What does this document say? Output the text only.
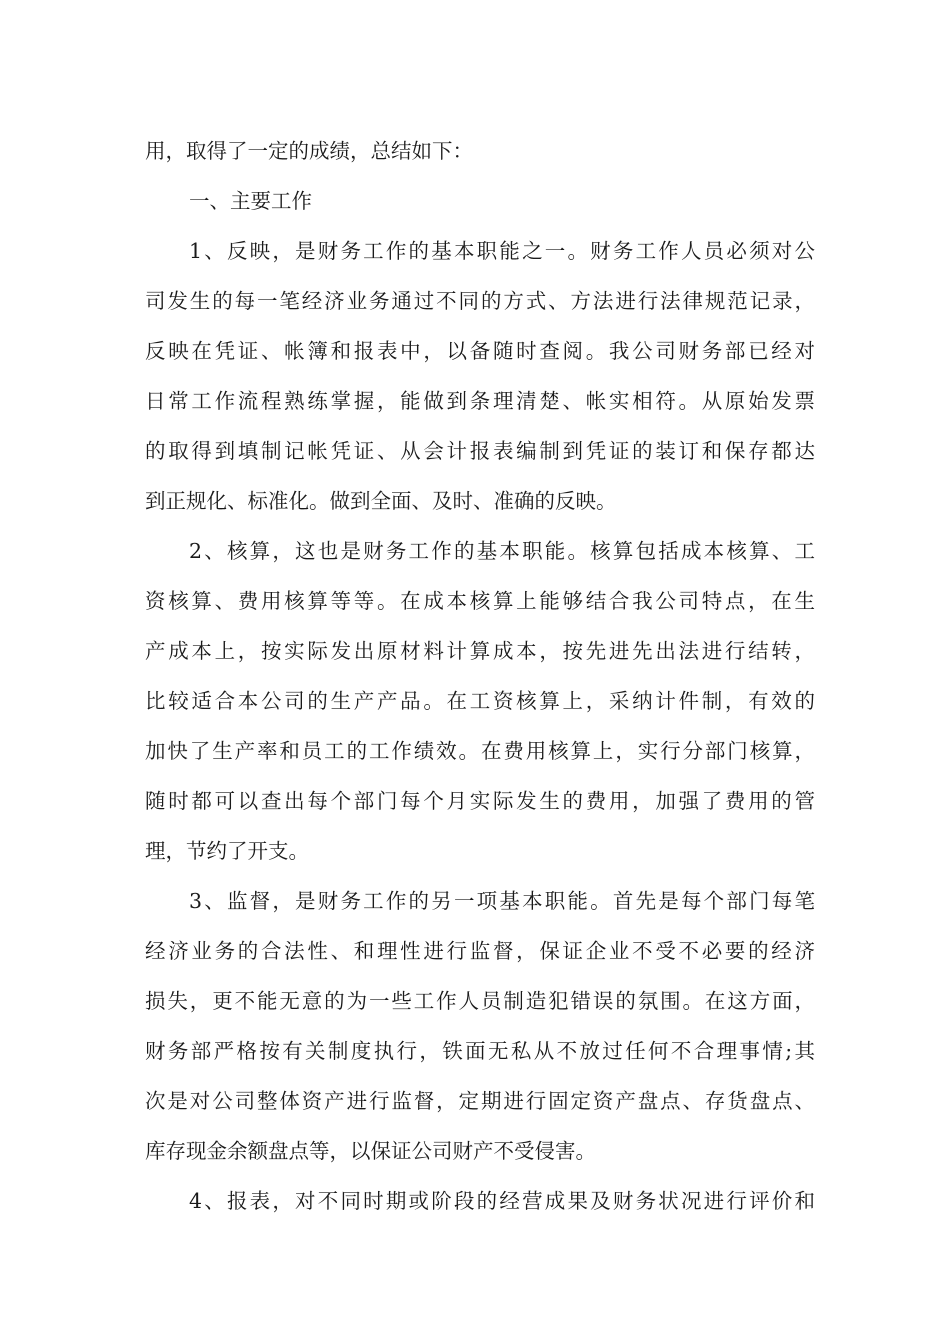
用，取得了一定的成绩，总结如下：
一、主要工作
1、反映，是财务工作的基本职能之一。财务工作人员必须对公
司发生的每一笔经济业务通过不同的方式、方法进行法律规范记录，
反映在凭证、帐簿和报表中，以备随时查阅。我公司财务部已经对
日常工作流程熟练掌握，能做到条理清楚、帐实相符。从原始发票
的取得到填制记帐凭证、从会计报表编制到凭证的装订和保存都达
到正规化、标准化。做到全面、及时、准确的反映。
2、核算，这也是财务工作的基本职能。核算包括成本核算、工
资核算、费用核算等等。在成本核算上能够结合我公司特点，在生
产成本上，按实际发出原材料计算成本，按先进先出法进行结转，
比较适合本公司的生产产品。在工资核算上，采纳计件制，有效的
加快了生产率和员工的工作绩效。在费用核算上，实行分部门核算，
随时都可以查出每个部门每个月实际发生的费用，加强了费用的管
理，节约了开支。
3、监督，是财务工作的另一项基本职能。首先是每个部门每笔
经济业务的合法性、和理性进行监督，保证企业不受不必要的经济
损失，更不能无意的为一些工作人员制造犯错误的氛围。在这方面，
财务部严格按有关制度执行，铁面无私从不放过任何不合理事情;其
次是对公司整体资产进行监督，定期进行固定资产盘点、存货盘点、
库存现金余额盘点等，以保证公司财产不受侵害。
4、报表，对不同时期或阶段的经营成果及财务状况进行评价和
